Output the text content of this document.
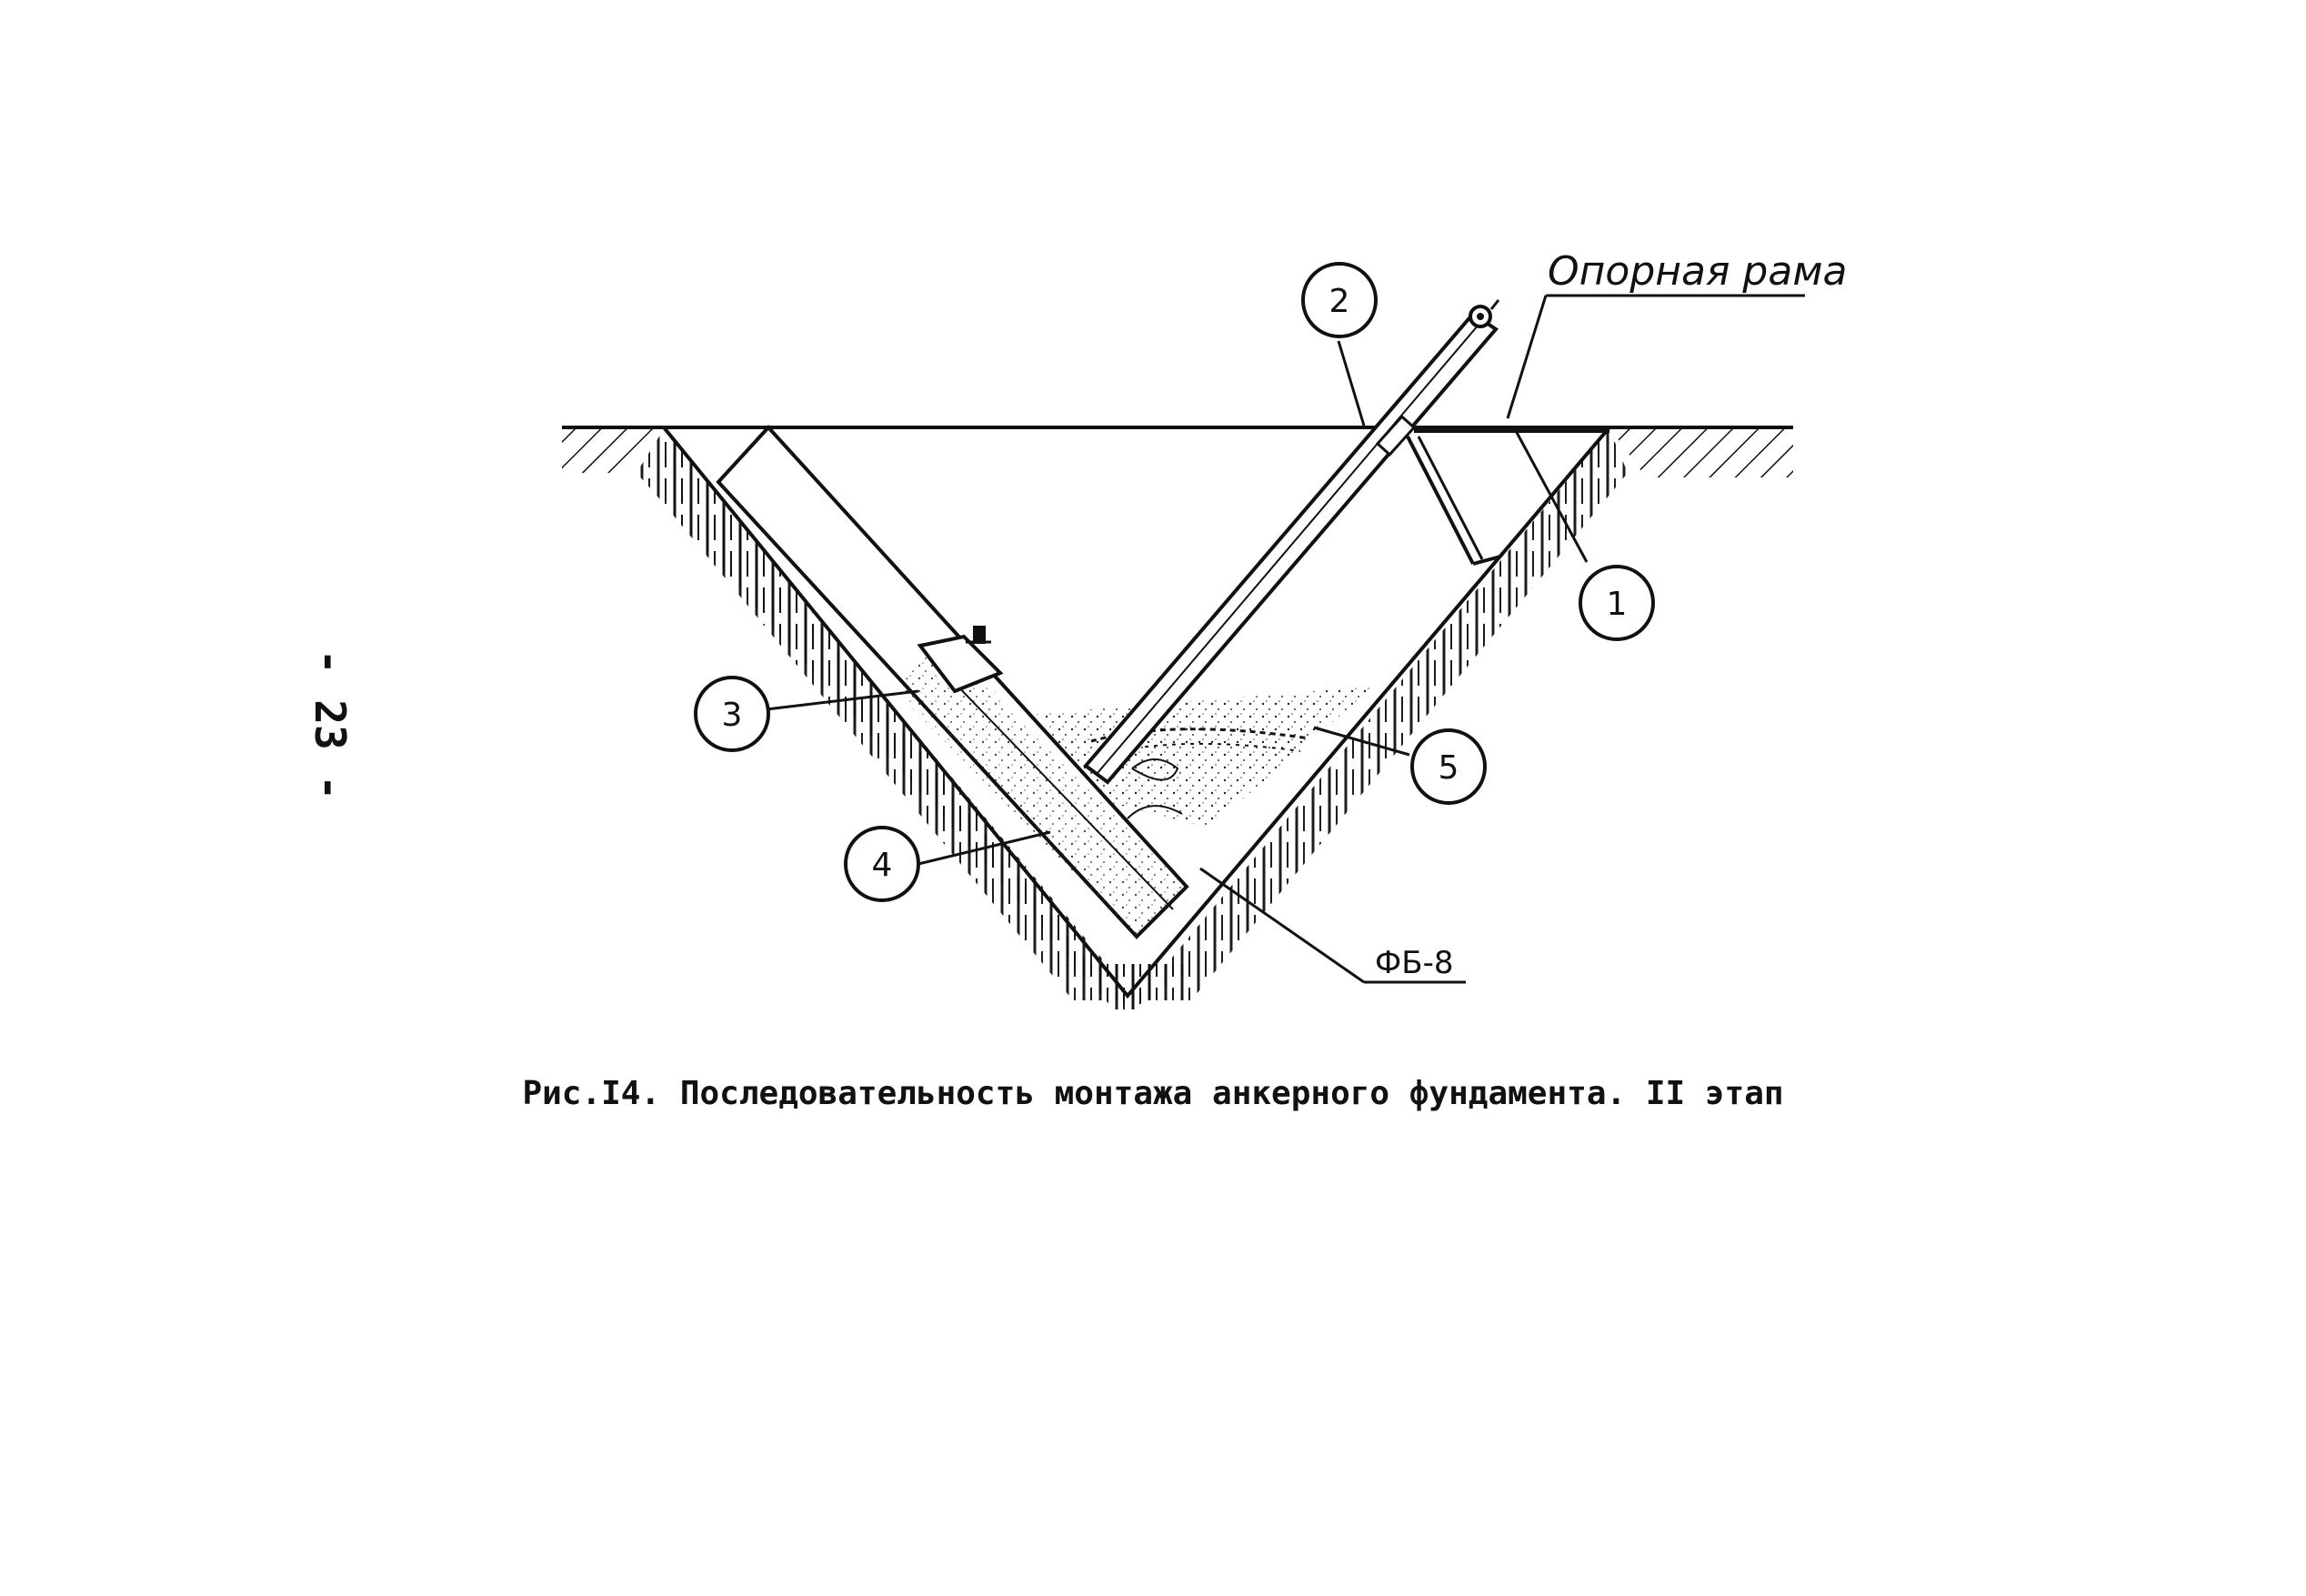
1
2
3
4
5
Опорная рама
ФБ-8
- 23 -
Рис.I4. Последовательность монтажа анкерного фундамента. II этап
